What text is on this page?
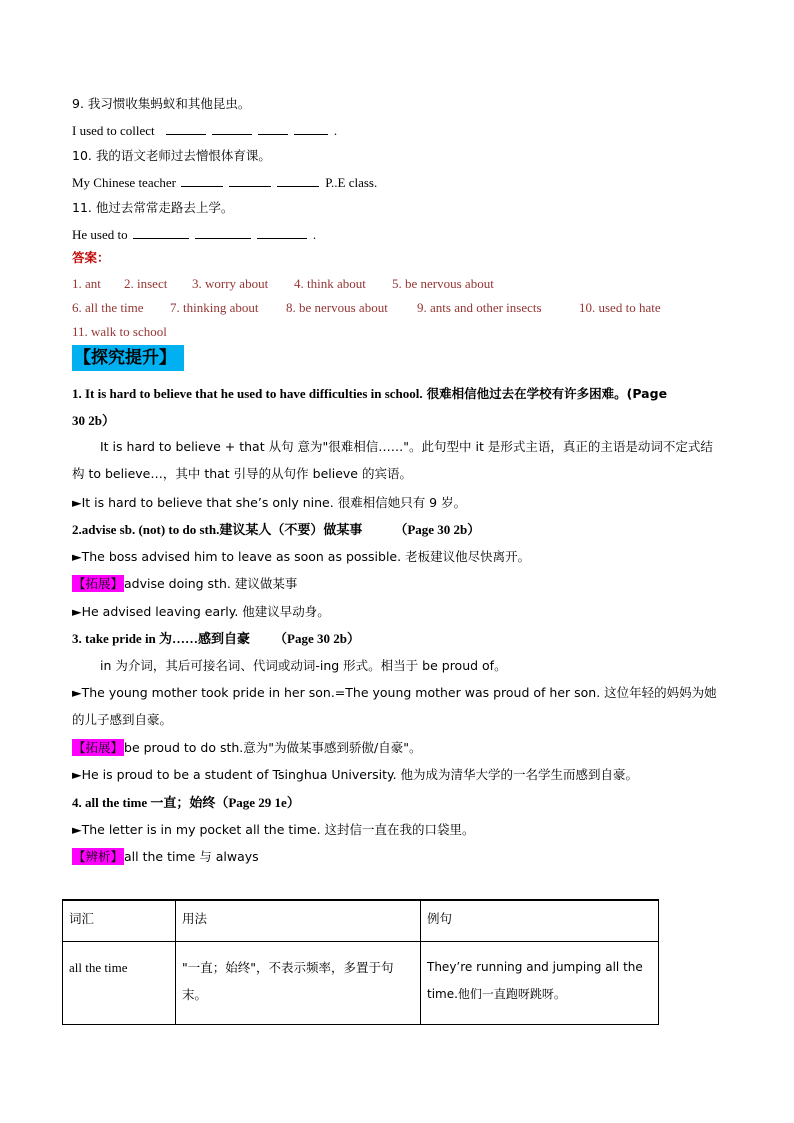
9. 我习惯收集蚂蚁和其他昆虫。
I used to collect	.
10. 我的语文老师过去憎恨体育课。
My Chinese teacher	P..E class.
11. 他过去常常走路去上学。
He used to	.
答案：
1. ant 2. insect 3. worry about 4. think about 5. be nervous about
6. all the time 7. thinking about 8. be nervous about 9. ants and other insects	10. used to hate
11. walk to school
【探究提升】
1. It is hard to believe that he used to have difficulties in school. 很难相信他过去在学校有许多困难。(Page
30 2b）
It is hard to believe + that 从句 意为"很难相信……"。此句型中 it 是形式主语，真正的主语是动词不定式结构 to believe…，其中 that 引导的从句作 believe 的宾语。
►It is hard to believe that she’s only nine. 很难相信她只有 9 岁。
2.advise sb. (not) to do sth.建议某人（不要）做某事 （Page 30 2b）
►The boss advised him to leave as soon as possible. 老板建议他尽快离开。
【拓展】advise doing sth. 建议做某事
►He advised leaving early. 他建议早动身。
3. take pride in 为……感到自豪 （Page 30 2b）
in 为介词，其后可接名词、代词或动词-ing 形式。相当于 be proud of。
►The young mother took pride in her son.=The young mother was proud of her son. 这位年轻的妈妈为她的儿子感到自豪。
【拓展】be proud to do sth.意为"为做某事感到骄傲/自豪"。
►He is proud to be a student of Tsinghua University. 他为成为清华大学的一名学生而感到自豪。
4. all the time 一直；始终（Page 29 1e）
►The letter is in my pocket all the time. 这封信一直在我的口袋里。
【辨析】all the time 与 always
词汇	用法	例句
all the time	"一直；始终"，不表示频率，多置于句末。	They’re running and jumping all the time.他们一直跑呀跳呀。
